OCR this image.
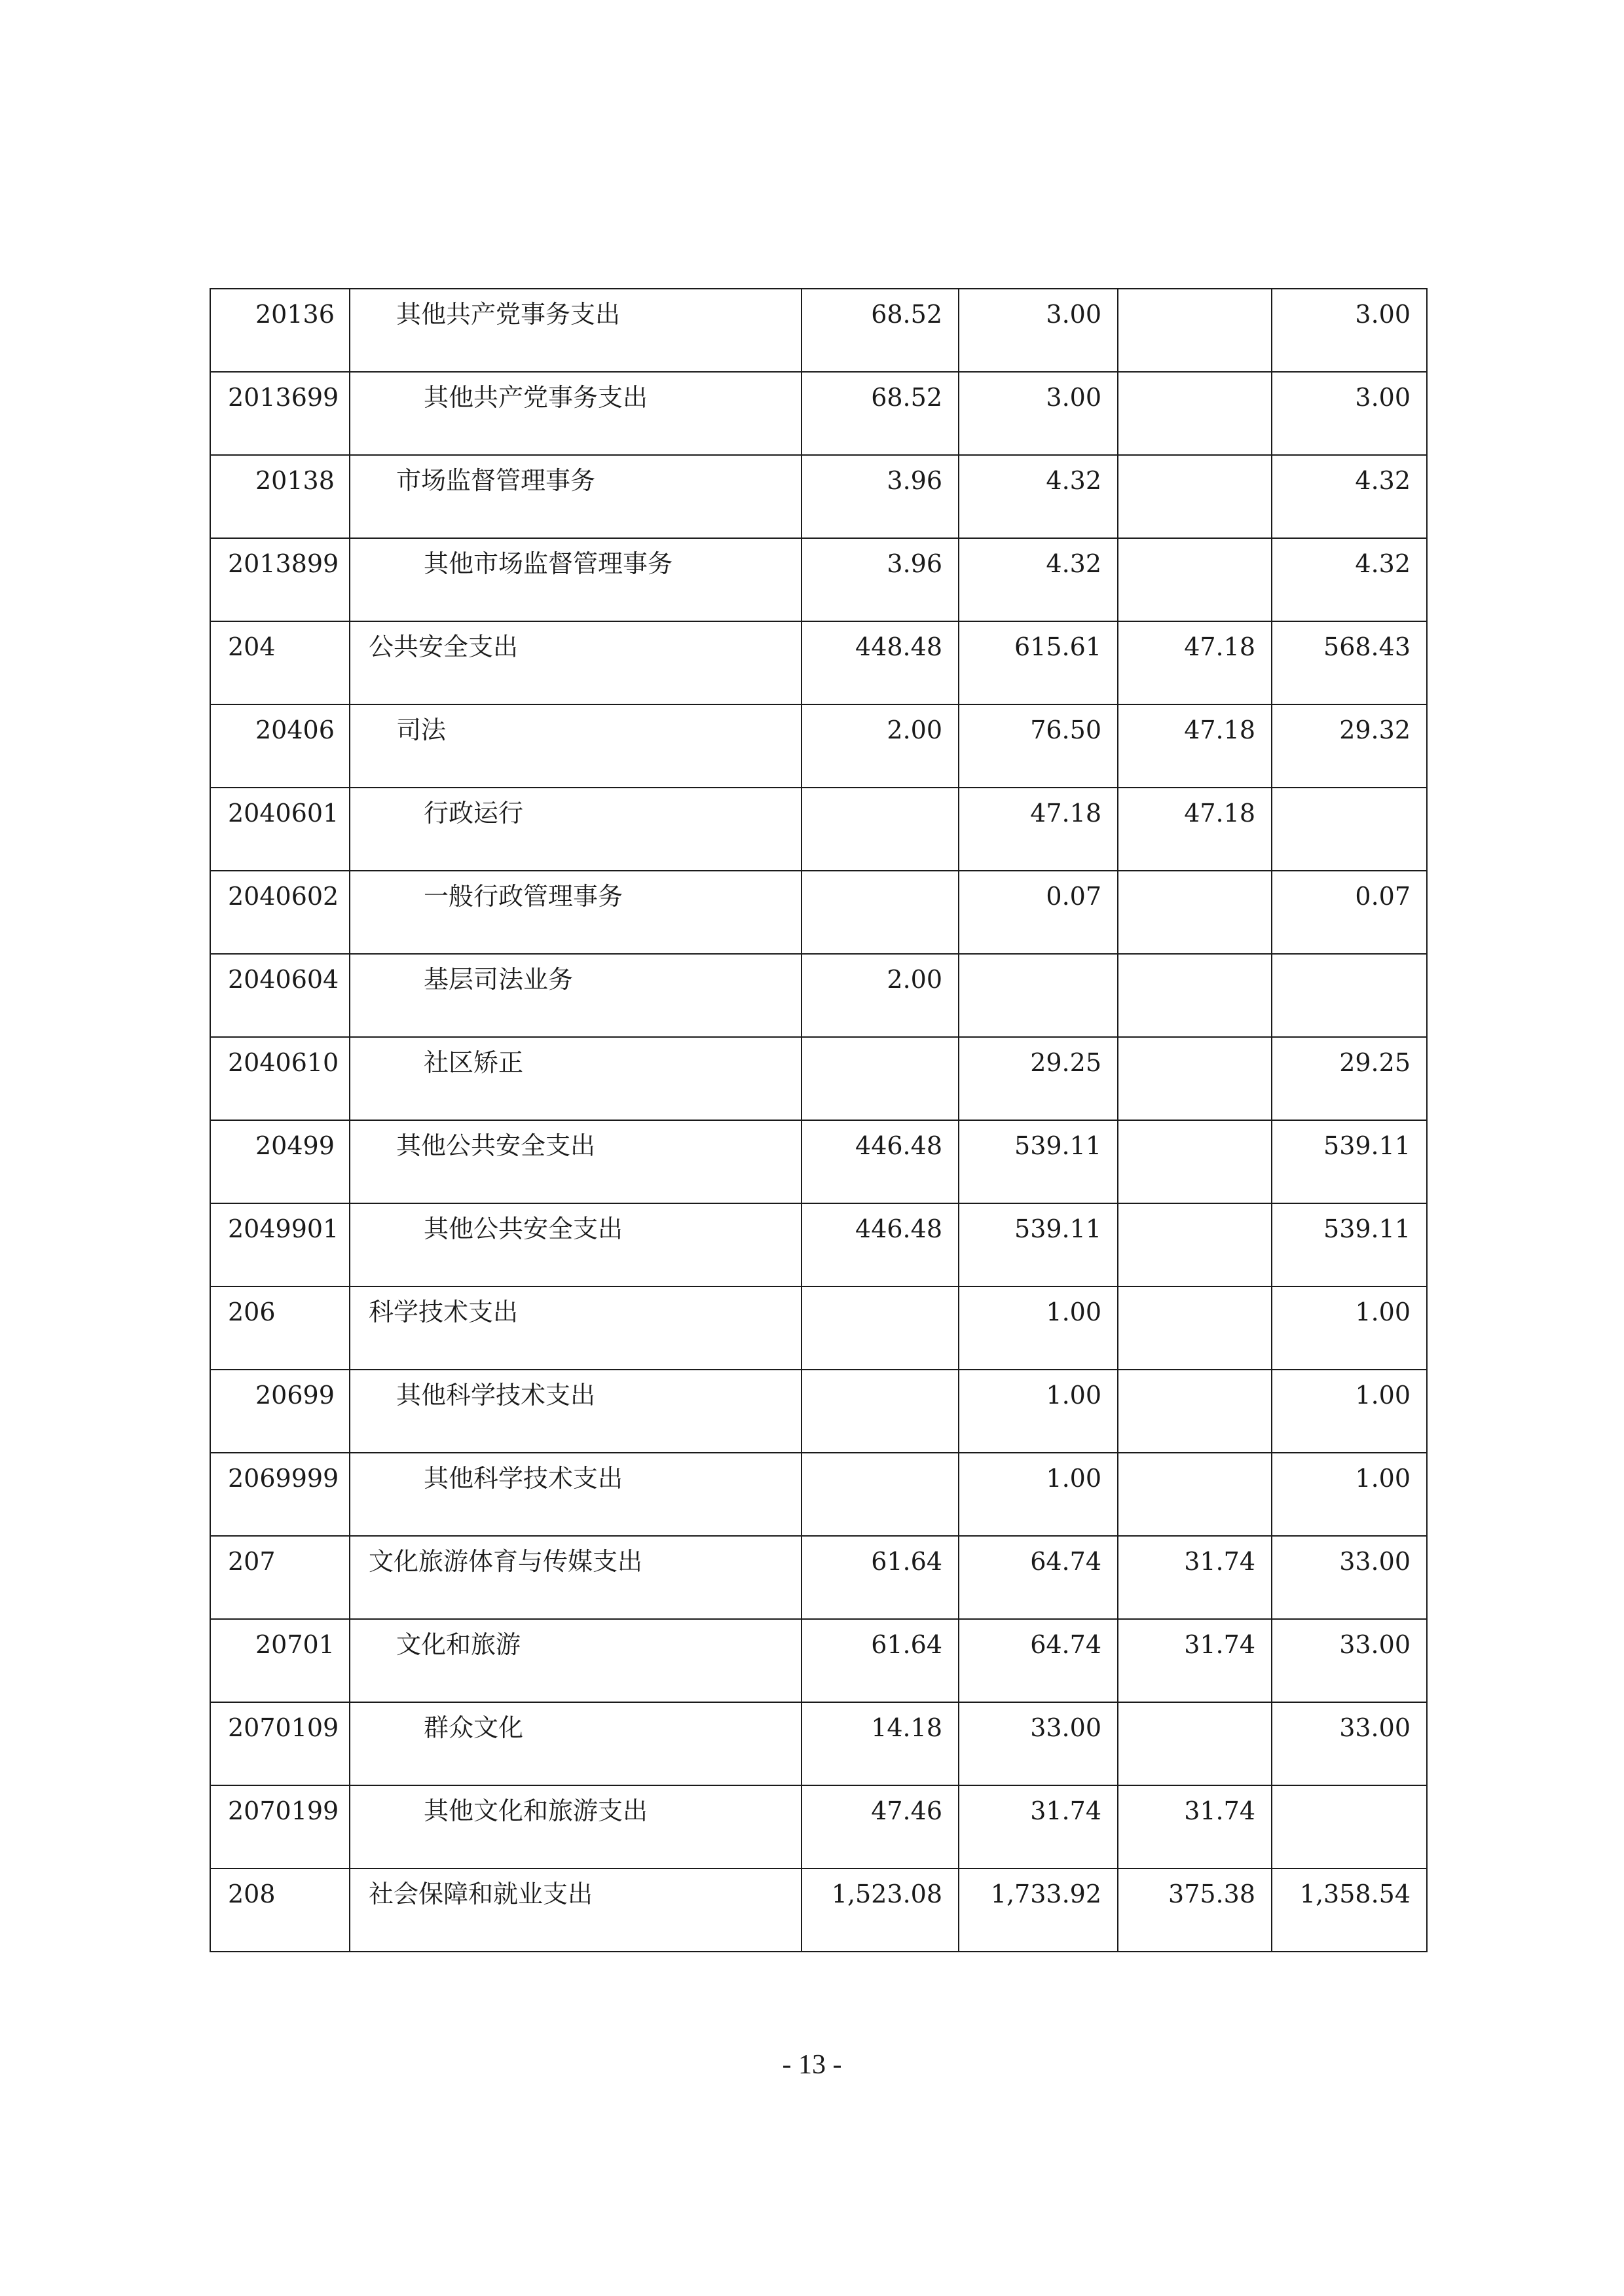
20136	其他共产党事务支出	68.52	3.00		3.00
2013699	其他共产党事务支出	68.52	3.00		3.00
20138	市场监督管理事务	3.96	4.32		4.32
2013899	其他市场监督管理事务	3.96	4.32		4.32
204	公共安全支出	448.48	615.61	47.18	568.43
20406	司法	2.00	76.50	47.18	29.32
2040601	行政运行		47.18	47.18	
2040602	一般行政管理事务		0.07		0.07
2040604	基层司法业务	2.00			
2040610	社区矫正		29.25		29.25
20499	其他公共安全支出	446.48	539.11		539.11
2049901	其他公共安全支出	446.48	539.11		539.11
206	科学技术支出		1.00		1.00
20699	其他科学技术支出		1.00		1.00
2069999	其他科学技术支出		1.00		1.00
207	文化旅游体育与传媒支出	61.64	64.74	31.74	33.00
20701	文化和旅游	61.64	64.74	31.74	33.00
2070109	群众文化	14.18	33.00		33.00
2070199	其他文化和旅游支出	47.46	31.74	31.74	
208	社会保障和就业支出	1,523.08	1,733.92	375.38	1,358.54
- 13 -
